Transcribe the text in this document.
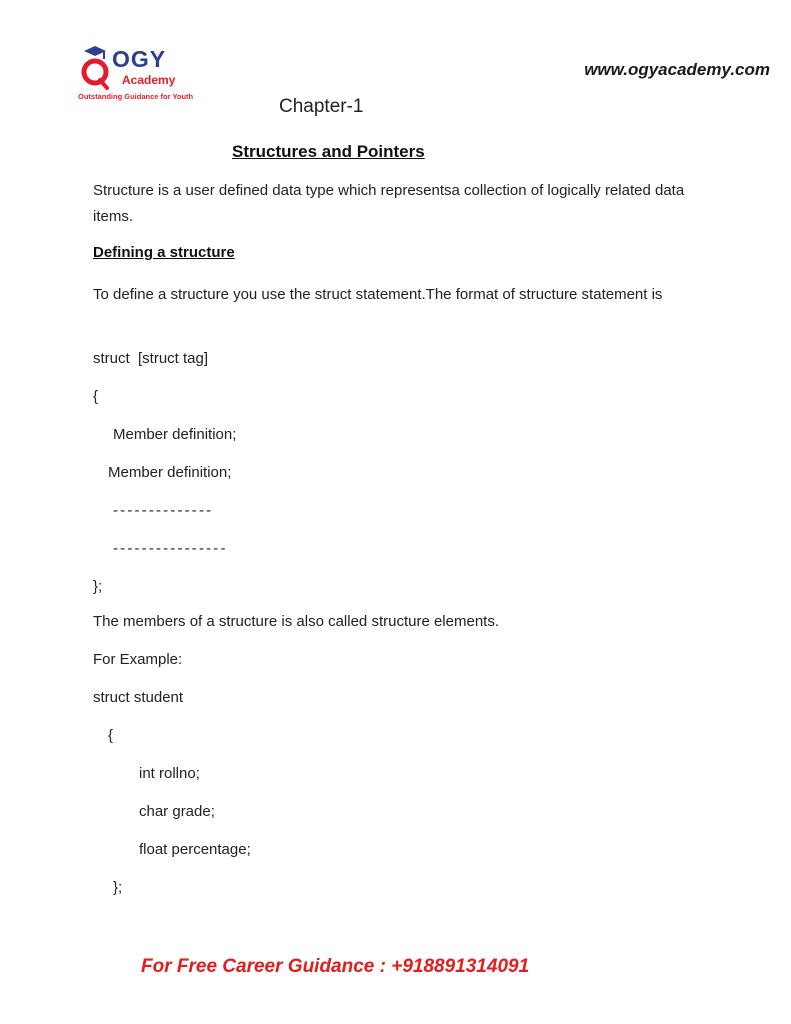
OGY
Academy
Outstanding Guidance for Youth
www.ogyacademy.com
Chapter-1
Structures and Pointers
Structure is a user defined data type which representsa collection of logically related data items.
Defining a structure
To define a structure you use the struct statement.The format of structure statement is
struct  [struct tag]
{
Member definition;
Member definition;
- - - - - - - - - - - - - -
- - - - - - - - - - - - - - - -
};
The members of a structure is also called structure elements.
For Example:
struct student
{
int rollno;
char grade;
float percentage;
};
For Free Career Guidance : +918891314091
